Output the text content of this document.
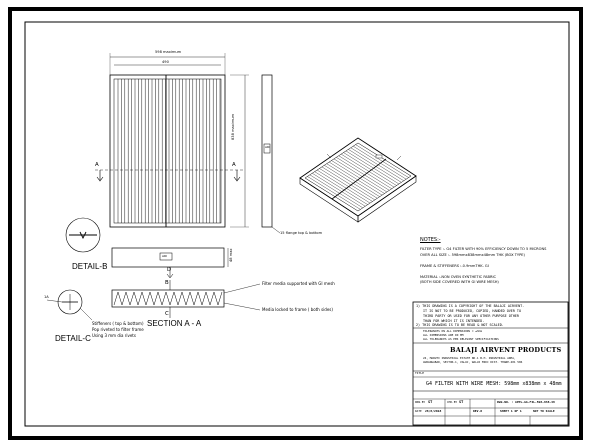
598 maximum
490
838 maximum
48 max
15 flange top & bottom
A	A
D
B
C
1A
ARI
ARI
DETAIL-B
DETAIL-C
SECTION A - A
Filter media supported with GI mesh
Media locked to frame ( both sides)
Stiffeners ( top & bottom)
Pop riveted to filter frame
Using 3 mm dia rivets
NOTES:-
FILTER TYPE :- G4 FILTER WITH 90% EFFICIENCY DOWN TO 5 MICRONS
OVER ALL SIZE :- 598mmx838mmx48mm THK (BOX TYPE)
FRAME & STIFFENERS :-0.9mmTHK. GI
MATERIAL :-NON OVEN SYNTHETIC FABRIC
(BOTH SIDE COVERED WITH GI WIRE MESH)
1) THIS DRAWING IS A COPYRIGHT OF THE BALAJI AIRVENT.
IT IS NOT TO BE PRODUCED, COPIED, HANDED OVER TO
THIRD PARTY OR USED FOR ANY OTHER PURPOSE OTHER
THAN FOR WHICH IT IS INTENDED.
2) THIS DRAWING IS TO BE READ & NOT SCALED.
TOLERANCES ON ALL DIMENSIONS = ±3mm
ALL DIMENSIONS ARE IN MM
ALL TOLERANCES AS PER RELEVANT SPECIFICATIONS
BALAJI AIRVENT PRODUCTS
24, MARUTI INDUSTRIAL ESTATE NO.1 B.H. INDUSTRIAL AREA,
AURANGABAD, SECTOR-1, VALUJ, WALUJ MIDC DIST. THANE-401 506
TITLE
G4 FILTER WITH WIRE MESH: 598mm x838mm x 48mm
DRN.BY ST	CHK.BY ST	DWG.NO. : APPL-GA-FIL-598-838-48
DATE 28/8/2018	REV.0	SHEET 1 OF 1	NOT TO SCALE
